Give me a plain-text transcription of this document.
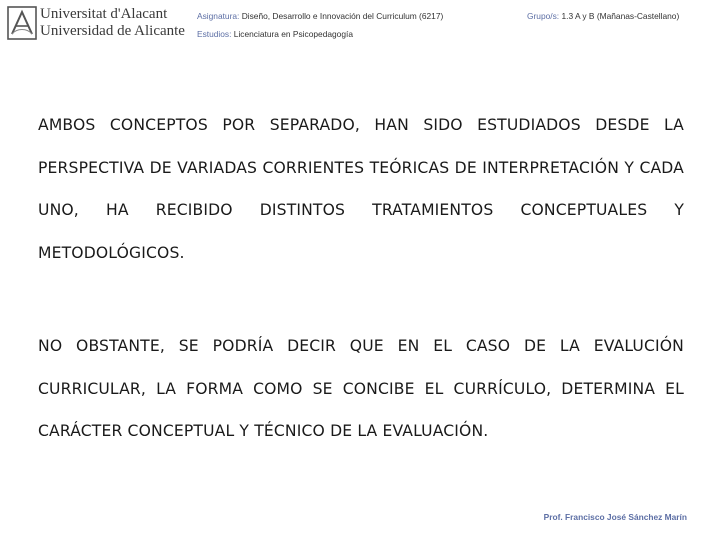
Universitat d'Alacant
Universidad de Alicante
Asignatura: Diseño, Desarrollo e Innovación del Curriculum (6217)
Estudios: Licenciatura en Psicopedagogía
Grupo/s: 1.3 A y B (Mañanas-Castellano)

AMBOS CONCEPTOS POR SEPARADO, HAN SIDO ESTUDIADOS DESDE LA PERSPECTIVA DE VARIADAS CORRIENTES TEÓRICAS DE INTERPRETACIÓN Y CADA UNO, HA RECIBIDO DISTINTOS TRATAMIENTOS CONCEPTUALES Y METODOLÓGICOS.

NO OBSTANTE, SE PODRÍA DECIR QUE EN EL CASO DE LA EVALUCIÓN CURRICULAR, LA FORMA COMO SE CONCIBE EL CURRÍCULO, DETERMINA EL CARÁCTER CONCEPTUAL Y TÉCNICO DE LA EVALUACIÓN.

Prof. Francisco José Sánchez Marín
